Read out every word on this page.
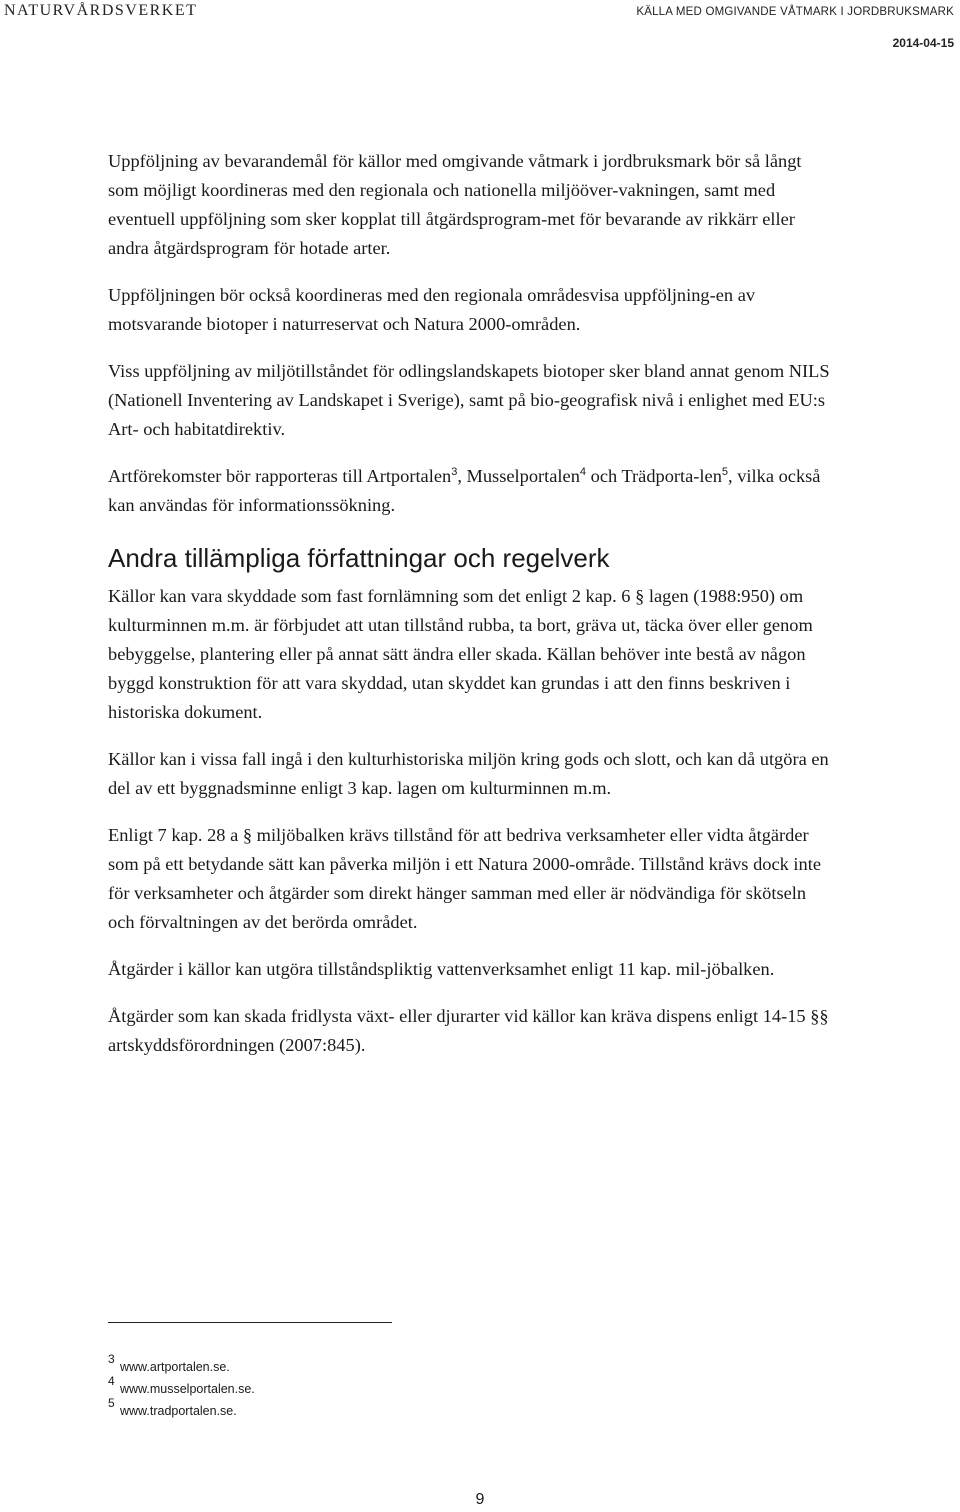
NATURVÅRDSVERKET	KÄLLA MED OMGIVANDE VÅTMARK I JORDBRUKSMARK
2014-04-15

Uppföljning av bevarandemål för källor med omgivande våtmark i jordbruksmark bör så långt som möjligt koordineras med den regionala och nationella miljööver-vakningen, samt med eventuell uppföljning som sker kopplat till åtgärdsprogram-met för bevarande av rikkärr eller andra åtgärdsprogram för hotade arter.

Uppföljningen bör också koordineras med den regionala områdesvisa uppföljning-en av motsvarande biotoper i naturreservat och Natura 2000-områden.

Viss uppföljning av miljötillståndet för odlingslandskapets biotoper sker bland annat genom NILS (Nationell Inventering av Landskapet i Sverige), samt på bio-geografisk nivå i enlighet med EU:s Art- och habitatdirektiv.

Artförekomster bör rapporteras till Artportalen$^3$, Musselportalen$^4$ och Trädporta-len$^5$, vilka också kan användas för informationssökning.

Andra tillämpliga författningar och regelverk

Källor kan vara skyddade som fast fornlämning som det enligt 2 kap. 6 § lagen (1988:950) om kulturminnen m.m. är förbjudet att utan tillstånd rubba, ta bort, gräva ut, täcka över eller genom bebyggelse, plantering eller på annat sätt ändra eller skada. Källan behöver inte bestå av någon byggd konstruktion för att vara skyddad, utan skyddet kan grundas i att den finns beskriven i historiska dokument.

Källor kan i vissa fall ingå i den kulturhistoriska miljön kring gods och slott, och kan då utgöra en del av ett byggnadsminne enligt 3 kap. lagen om kulturminnen m.m.

Enligt 7 kap. 28 a § miljöbalken krävs tillstånd för att bedriva verksamheter eller vidta åtgärder som på ett betydande sätt kan påverka miljön i ett Natura 2000-område. Tillstånd krävs dock inte för verksamheter och åtgärder som direkt hänger samman med eller är nödvändiga för skötseln och förvaltningen av det berörda området.

Åtgärder i källor kan utgöra tillståndspliktig vattenverksamhet enligt 11 kap. mil-jöbalken.

Åtgärder som kan skada fridlysta växt- eller djurarter vid källor kan kräva dispens enligt 14-15 §§ artskyddsförordningen (2007:845).

3
www.artportalen.se.
4
www.musselportalen.se.
5
www.tradportalen.se.
9
